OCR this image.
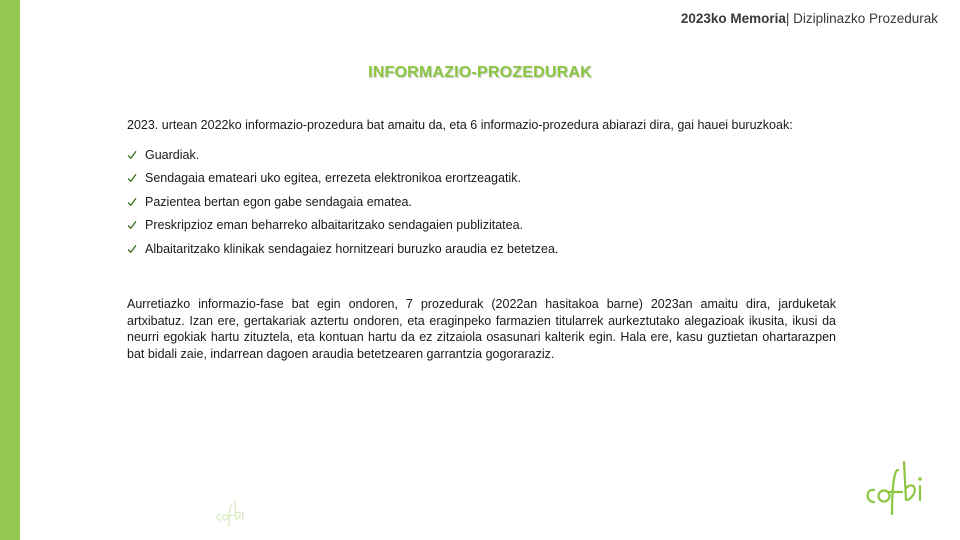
2023ko Memoria| Diziplinazko Prozedurak
INFORMAZIO-PROZEDURAK

2023. urtean 2022ko informazio-prozedura bat amaitu da, eta 6 informazio-prozedura abiarazi dira, gai hauei buruzkoak:

Guardiak.
Sendagaia emateari uko egitea, errezeta elektronikoa erortzeagatik.
Pazientea bertan egon gabe sendagaia ematea.
Preskripzioz eman beharreko albaitaritzako sendagaien publizitatea.
Albaitaritzako klinikak sendagaiez hornitzeari buruzko araudia ez betetzea.

Aurretiazko informazio-fase bat egin ondoren, 7 prozedurak (2022an hasitakoa barne) 2023an amaitu dira, jarduketak artxibatuz. Izan ere, gertakariak aztertu ondoren, eta eraginpeko farmazien titularrek aurkeztutako alegazioak ikusita, ikusi da neurri egokiak hartu zituztela, eta kontuan hartu da ez zitzaiola osasunari kalterik egin. Hala ere, kasu guztietan ohartarazpen bat bidali zaie, indarrean dagoen araudia betetzearen garrantzia gogoraraziz.
